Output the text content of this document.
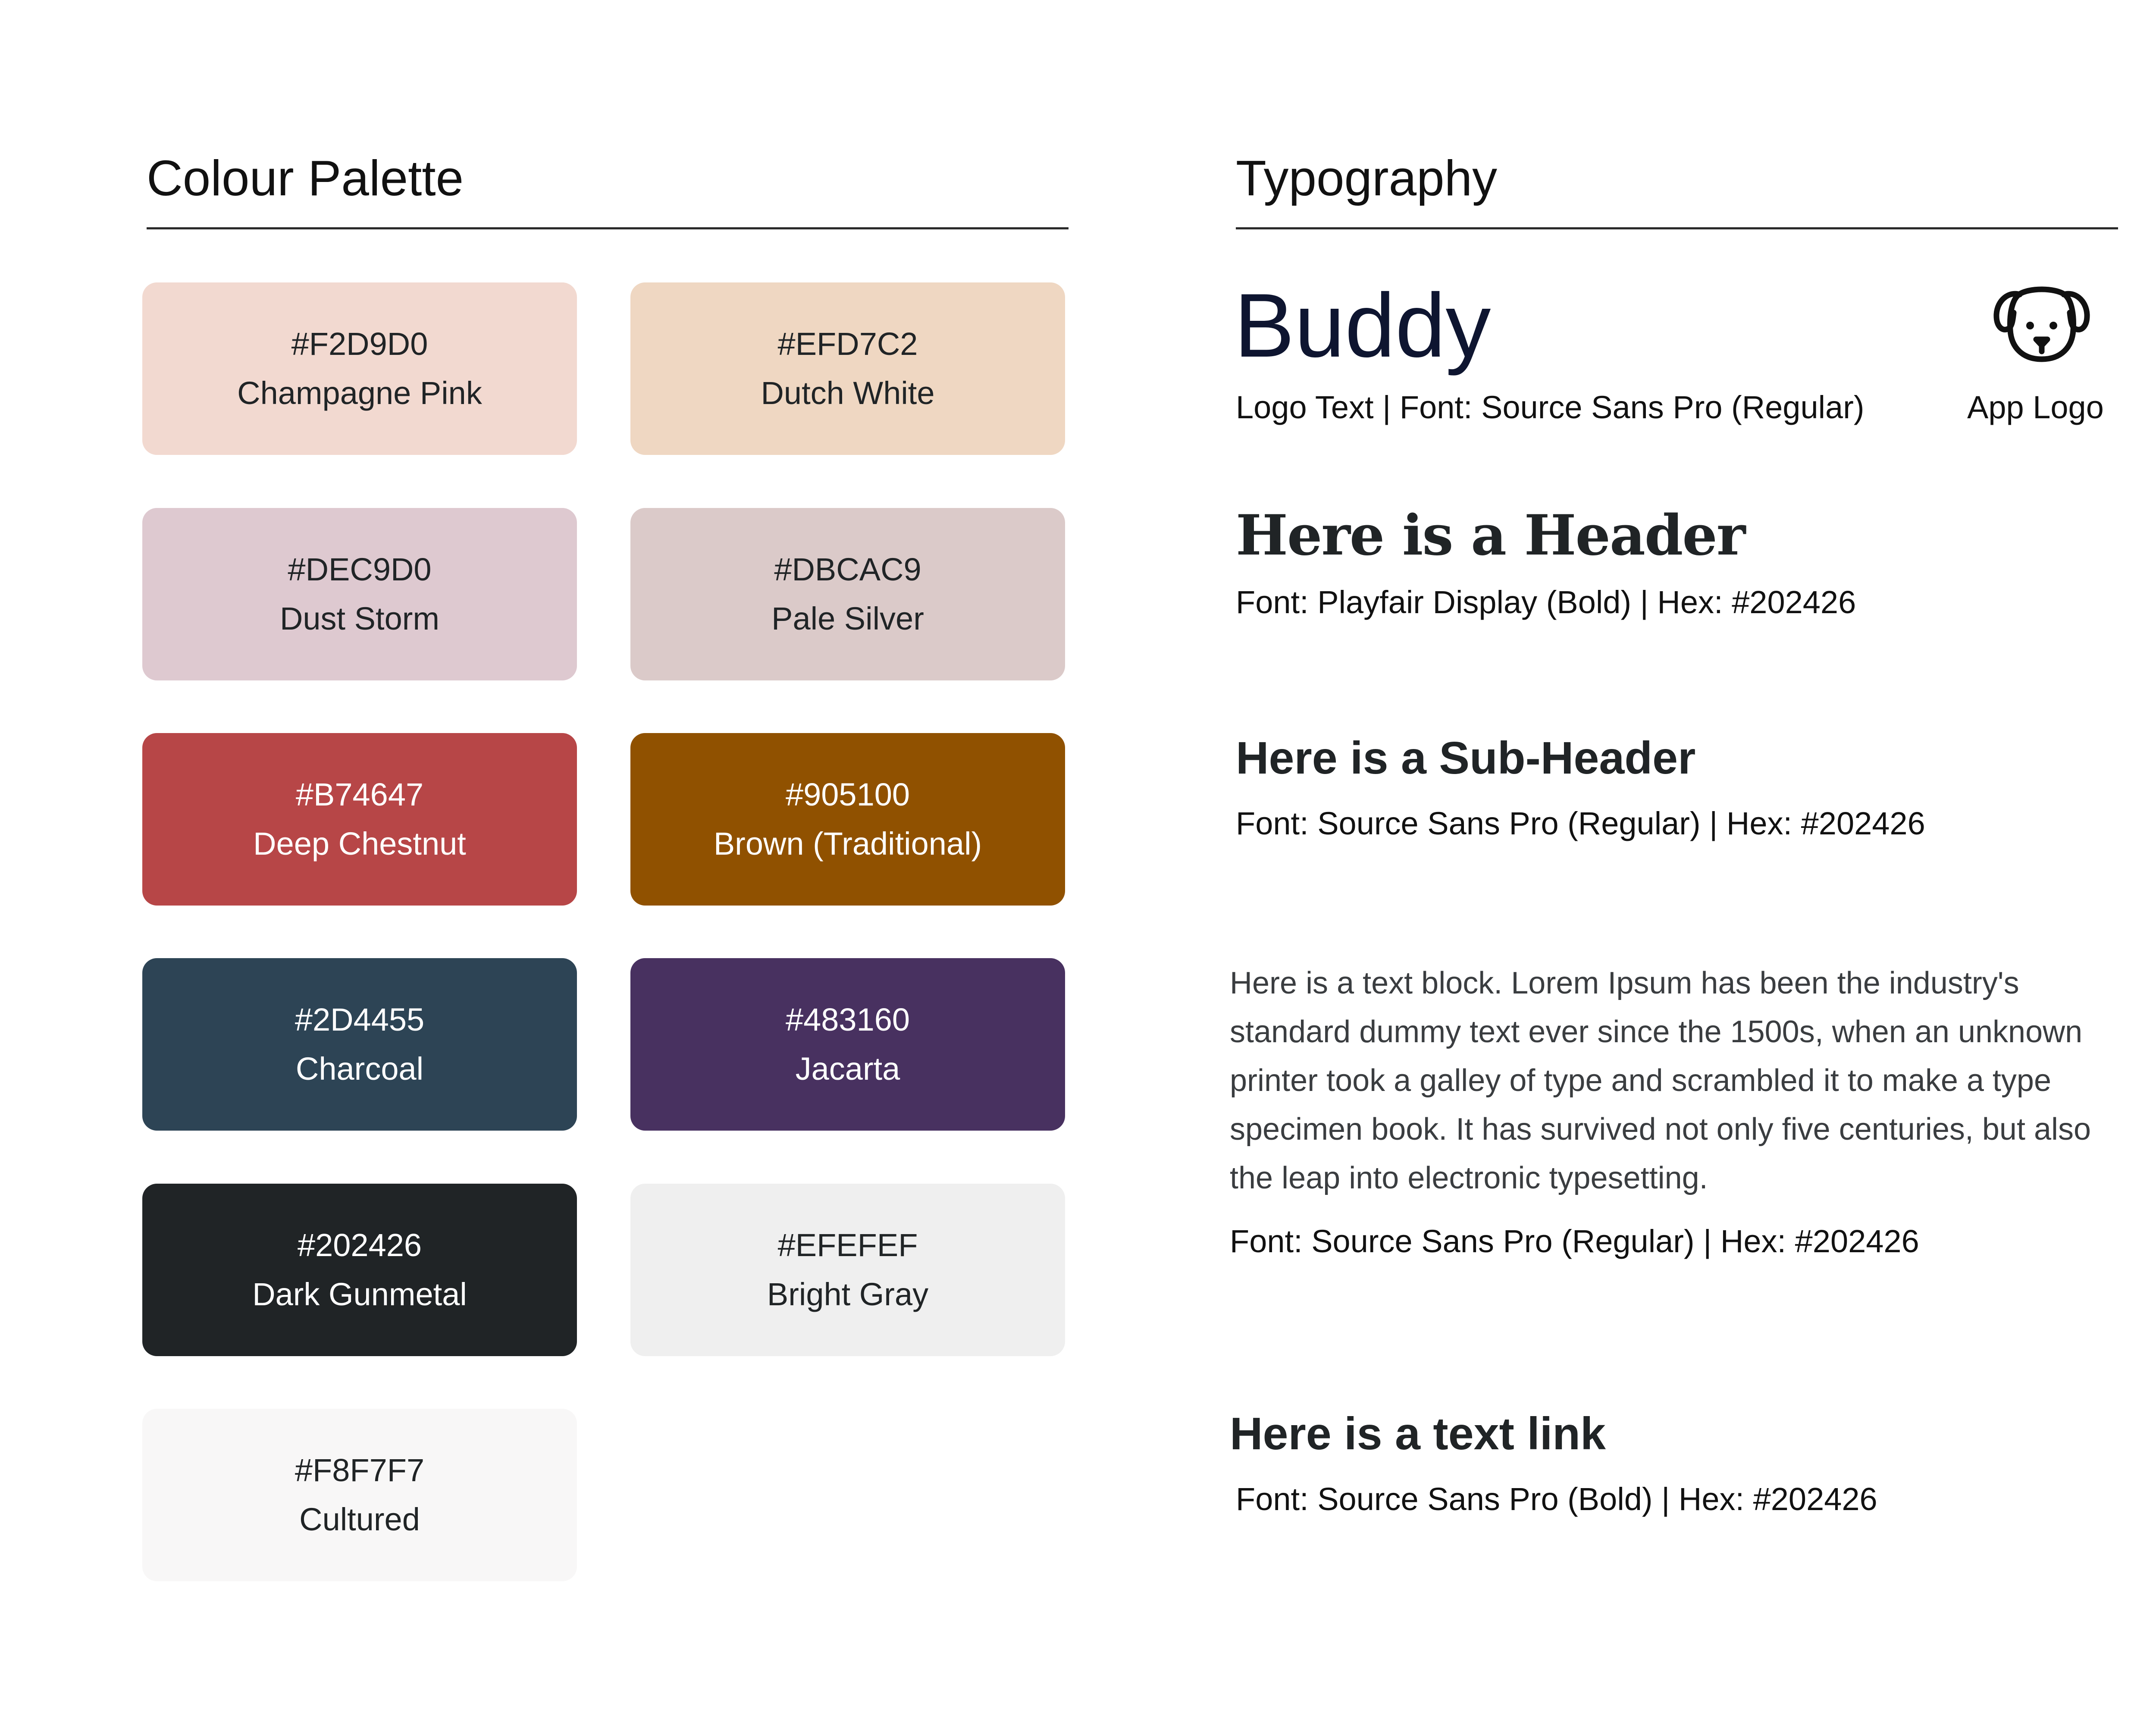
Colour Palette
#F2D9D0
Champagne Pink
#EFD7C2
Dutch White
#DEC9D0
Dust Storm
#DBCAC9
Pale Silver
#B74647
Deep Chestnut
#905100
Brown (Traditional)
#2D4455
Charcoal
#483160
Jacarta
#202426
Dark Gunmetal
#EFEFEF
Bright Gray
#F8F7F7
Cultured
Typography
Buddy
Logo Text | Font: Source Sans Pro (Regular)	App Logo
Here is a Header
Font: Playfair Display (Bold) | Hex: #202426
Here is a Sub-Header
Font: Source Sans Pro (Regular) | Hex: #202426
Here is a text block. Lorem Ipsum has been the industry's standard dummy text ever since the 1500s, when an unknown printer took a galley of type and scrambled it to make a type specimen book. It has survived not only five centuries, but also the leap into electronic typesetting.
Font: Source Sans Pro (Regular) | Hex: #202426
Here is a text link
Font: Source Sans Pro (Bold) | Hex: #202426
